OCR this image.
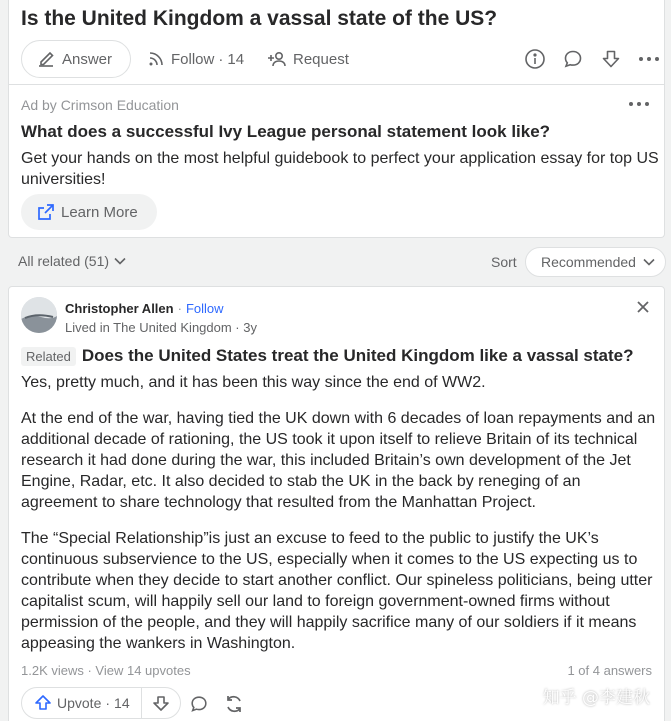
Is the United Kingdom a vassal state of the US?
Answer	Follow · 14	Request
Ad by Crimson Education
What does a successful Ivy League personal statement look like?
Get your hands on the most helpful guidebook to perfect your application essay for top US universities!
Learn More
All related (51)	Sort Recommended
Christopher Allen · Follow
Lived in The United Kingdom · 3y
Related Does the United States treat the United Kingdom like a vassal state?
Yes, pretty much, and it has been this way since the end of WW2.
At the end of the war, having tied the UK down with 6 decades of loan repayments and an additional decade of rationing, the US took it upon itself to relieve Britain of its technical research it had done during the war, this included Britain’s own development of the Jet Engine, Radar, etc. It also decided to stab the UK in the back by reneging of an agreement to share technology that resulted from the Manhattan Project.
The “Special Relationship”is just an excuse to feed to the public to justify the UK’s continuous subservience to the US, especially when it comes to the US expecting us to contribute when they decide to start another conflict. Our spineless politicians, being utter capitalist scum, will happily sell our land to foreign government-owned firms without permission of the people, and they will happily sacrifice many of our soldiers if it means appeasing the wankers in Washington.
1.2K views · View 14 upvotes	1 of 4 answers
Upvote · 14	知乎 @李建秋
